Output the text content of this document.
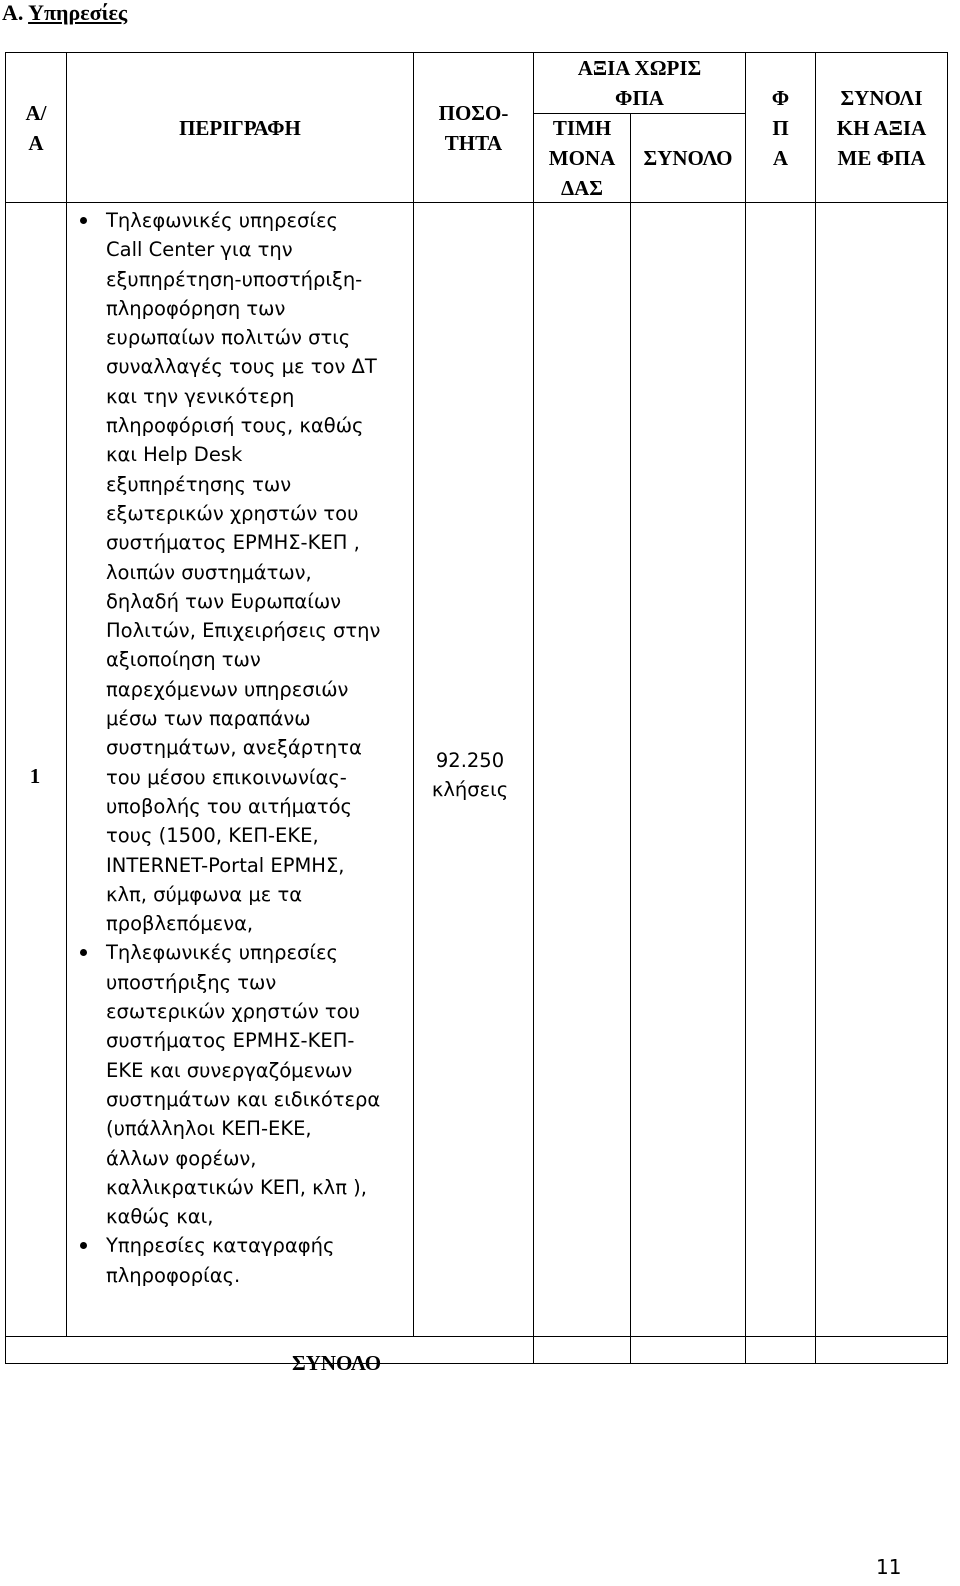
Α. Υπηρεσίες
Α/
Α
ΠΕΡΙΓΡΑΦΗ
ΠΟΣΟ-
ΤΗΤΑ
ΑΞΙΑ ΧΩΡΙΣ
ΦΠΑ
ΤΙΜΗ
ΜΟΝΑ
ΔΑΣ
ΣΥΝΟΛΟ
Φ
Π
Α
ΣΥΝΟΛΙ
ΚΗ ΑΞΙΑ
ΜΕ ΦΠΑ
1
Τηλεφωνικές υπηρεσίες
Call Center για την
εξυπηρέτηση-υποστήριξη-
πληροφόρηση των
ευρωπαίων πολιτών στις
συναλλαγές τους με τον ΔΤ
και την γενικότερη
πληροφόρισή τους, καθώς
και Help Desk
εξυπηρέτησης των
εξωτερικών χρηστών του
συστήματος ΕΡΜΗΣ-ΚΕΠ ,
λοιπών συστημάτων,
δηλαδή των Ευρωπαίων
Πολιτών, Επιχειρήσεις στην
αξιοποίηση των
παρεχόμενων υπηρεσιών
μέσω των παραπάνω
συστημάτων, ανεξάρτητα
του μέσου επικοινωνίας-
υποβολής του αιτήματός
τους (1500, ΚΕΠ-ΕΚΕ,
INTERNET-Portal ΕΡΜΗΣ,
κλπ, σύμφωνα με τα
προβλεπόμενα,
Τηλεφωνικές υπηρεσίες
υποστήριξης των
εσωτερικών χρηστών του
συστήματος ΕΡΜΗΣ-ΚΕΠ-
ΕΚΕ και συνεργαζόμενων
συστημάτων και ειδικότερα
(υπάλληλοι ΚΕΠ-ΕΚΕ,
άλλων φορέων,
καλλικρατικών ΚΕΠ, κλπ ),
καθώς και,
Υπηρεσίες καταγραφής
πληροφορίας.
92.250
κλήσεις
ΣΥΝΟΛΟ
11
